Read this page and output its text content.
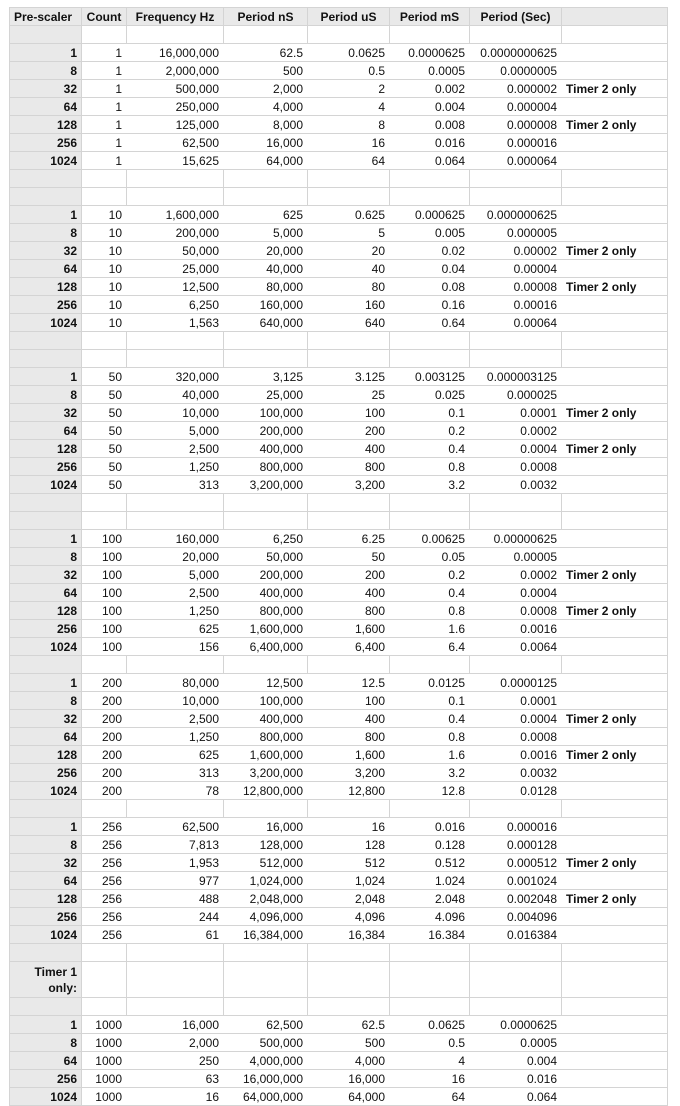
Pre-scaler	Count	Frequency Hz	Period nS	Period uS	Period mS	Period (Sec)	

1	1	16,000,000	62.5	0.0625	0.0000625	0.0000000625	
8	1	2,000,000	500	0.5	0.0005	0.0000005	
32	1	500,000	2,000	2	0.002	0.000002	Timer 2 only
64	1	250,000	4,000	4	0.004	0.000004	
128	1	125,000	8,000	8	0.008	0.000008	Timer 2 only
256	1	62,500	16,000	16	0.016	0.000016	
1024	1	15,625	64,000	64	0.064	0.000064	

1	10	1,600,000	625	0.625	0.000625	0.000000625	
8	10	200,000	5,000	5	0.005	0.000005	
32	10	50,000	20,000	20	0.02	0.00002	Timer 2 only
64	10	25,000	40,000	40	0.04	0.00004	
128	10	12,500	80,000	80	0.08	0.00008	Timer 2 only
256	10	6,250	160,000	160	0.16	0.00016	
1024	10	1,563	640,000	640	0.64	0.00064	

1	50	320,000	3,125	3.125	0.003125	0.000003125	
8	50	40,000	25,000	25	0.025	0.000025	
32	50	10,000	100,000	100	0.1	0.0001	Timer 2 only
64	50	5,000	200,000	200	0.2	0.0002	
128	50	2,500	400,000	400	0.4	0.0004	Timer 2 only
256	50	1,250	800,000	800	0.8	0.0008	
1024	50	313	3,200,000	3,200	3.2	0.0032	

1	100	160,000	6,250	6.25	0.00625	0.00000625	
8	100	20,000	50,000	50	0.05	0.00005	
32	100	5,000	200,000	200	0.2	0.0002	Timer 2 only
64	100	2,500	400,000	400	0.4	0.0004	
128	100	1,250	800,000	800	0.8	0.0008	Timer 2 only
256	100	625	1,600,000	1,600	1.6	0.0016	
1024	100	156	6,400,000	6,400	6.4	0.0064	

1	200	80,000	12,500	12.5	0.0125	0.0000125	
8	200	10,000	100,000	100	0.1	0.0001	
32	200	2,500	400,000	400	0.4	0.0004	Timer 2 only
64	200	1,250	800,000	800	0.8	0.0008	
128	200	625	1,600,000	1,600	1.6	0.0016	Timer 2 only
256	200	313	3,200,000	3,200	3.2	0.0032	
1024	200	78	12,800,000	12,800	12.8	0.0128	

1	256	62,500	16,000	16	0.016	0.000016	
8	256	7,813	128,000	128	0.128	0.000128	
32	256	1,953	512,000	512	0.512	0.000512	Timer 2 only
64	256	977	1,024,000	1,024	1.024	0.001024	
128	256	488	2,048,000	2,048	2.048	0.002048	Timer 2 only
256	256	244	4,096,000	4,096	4.096	0.004096	
1024	256	61	16,384,000	16,384	16.384	0.016384	

Timer 1 only:							

1	1000	16,000	62,500	62.5	0.0625	0.0000625	
8	1000	2,000	500,000	500	0.5	0.0005	
64	1000	250	4,000,000	4,000	4	0.004	
256	1000	63	16,000,000	16,000	16	0.016	
1024	1000	16	64,000,000	64,000	64	0.064	
